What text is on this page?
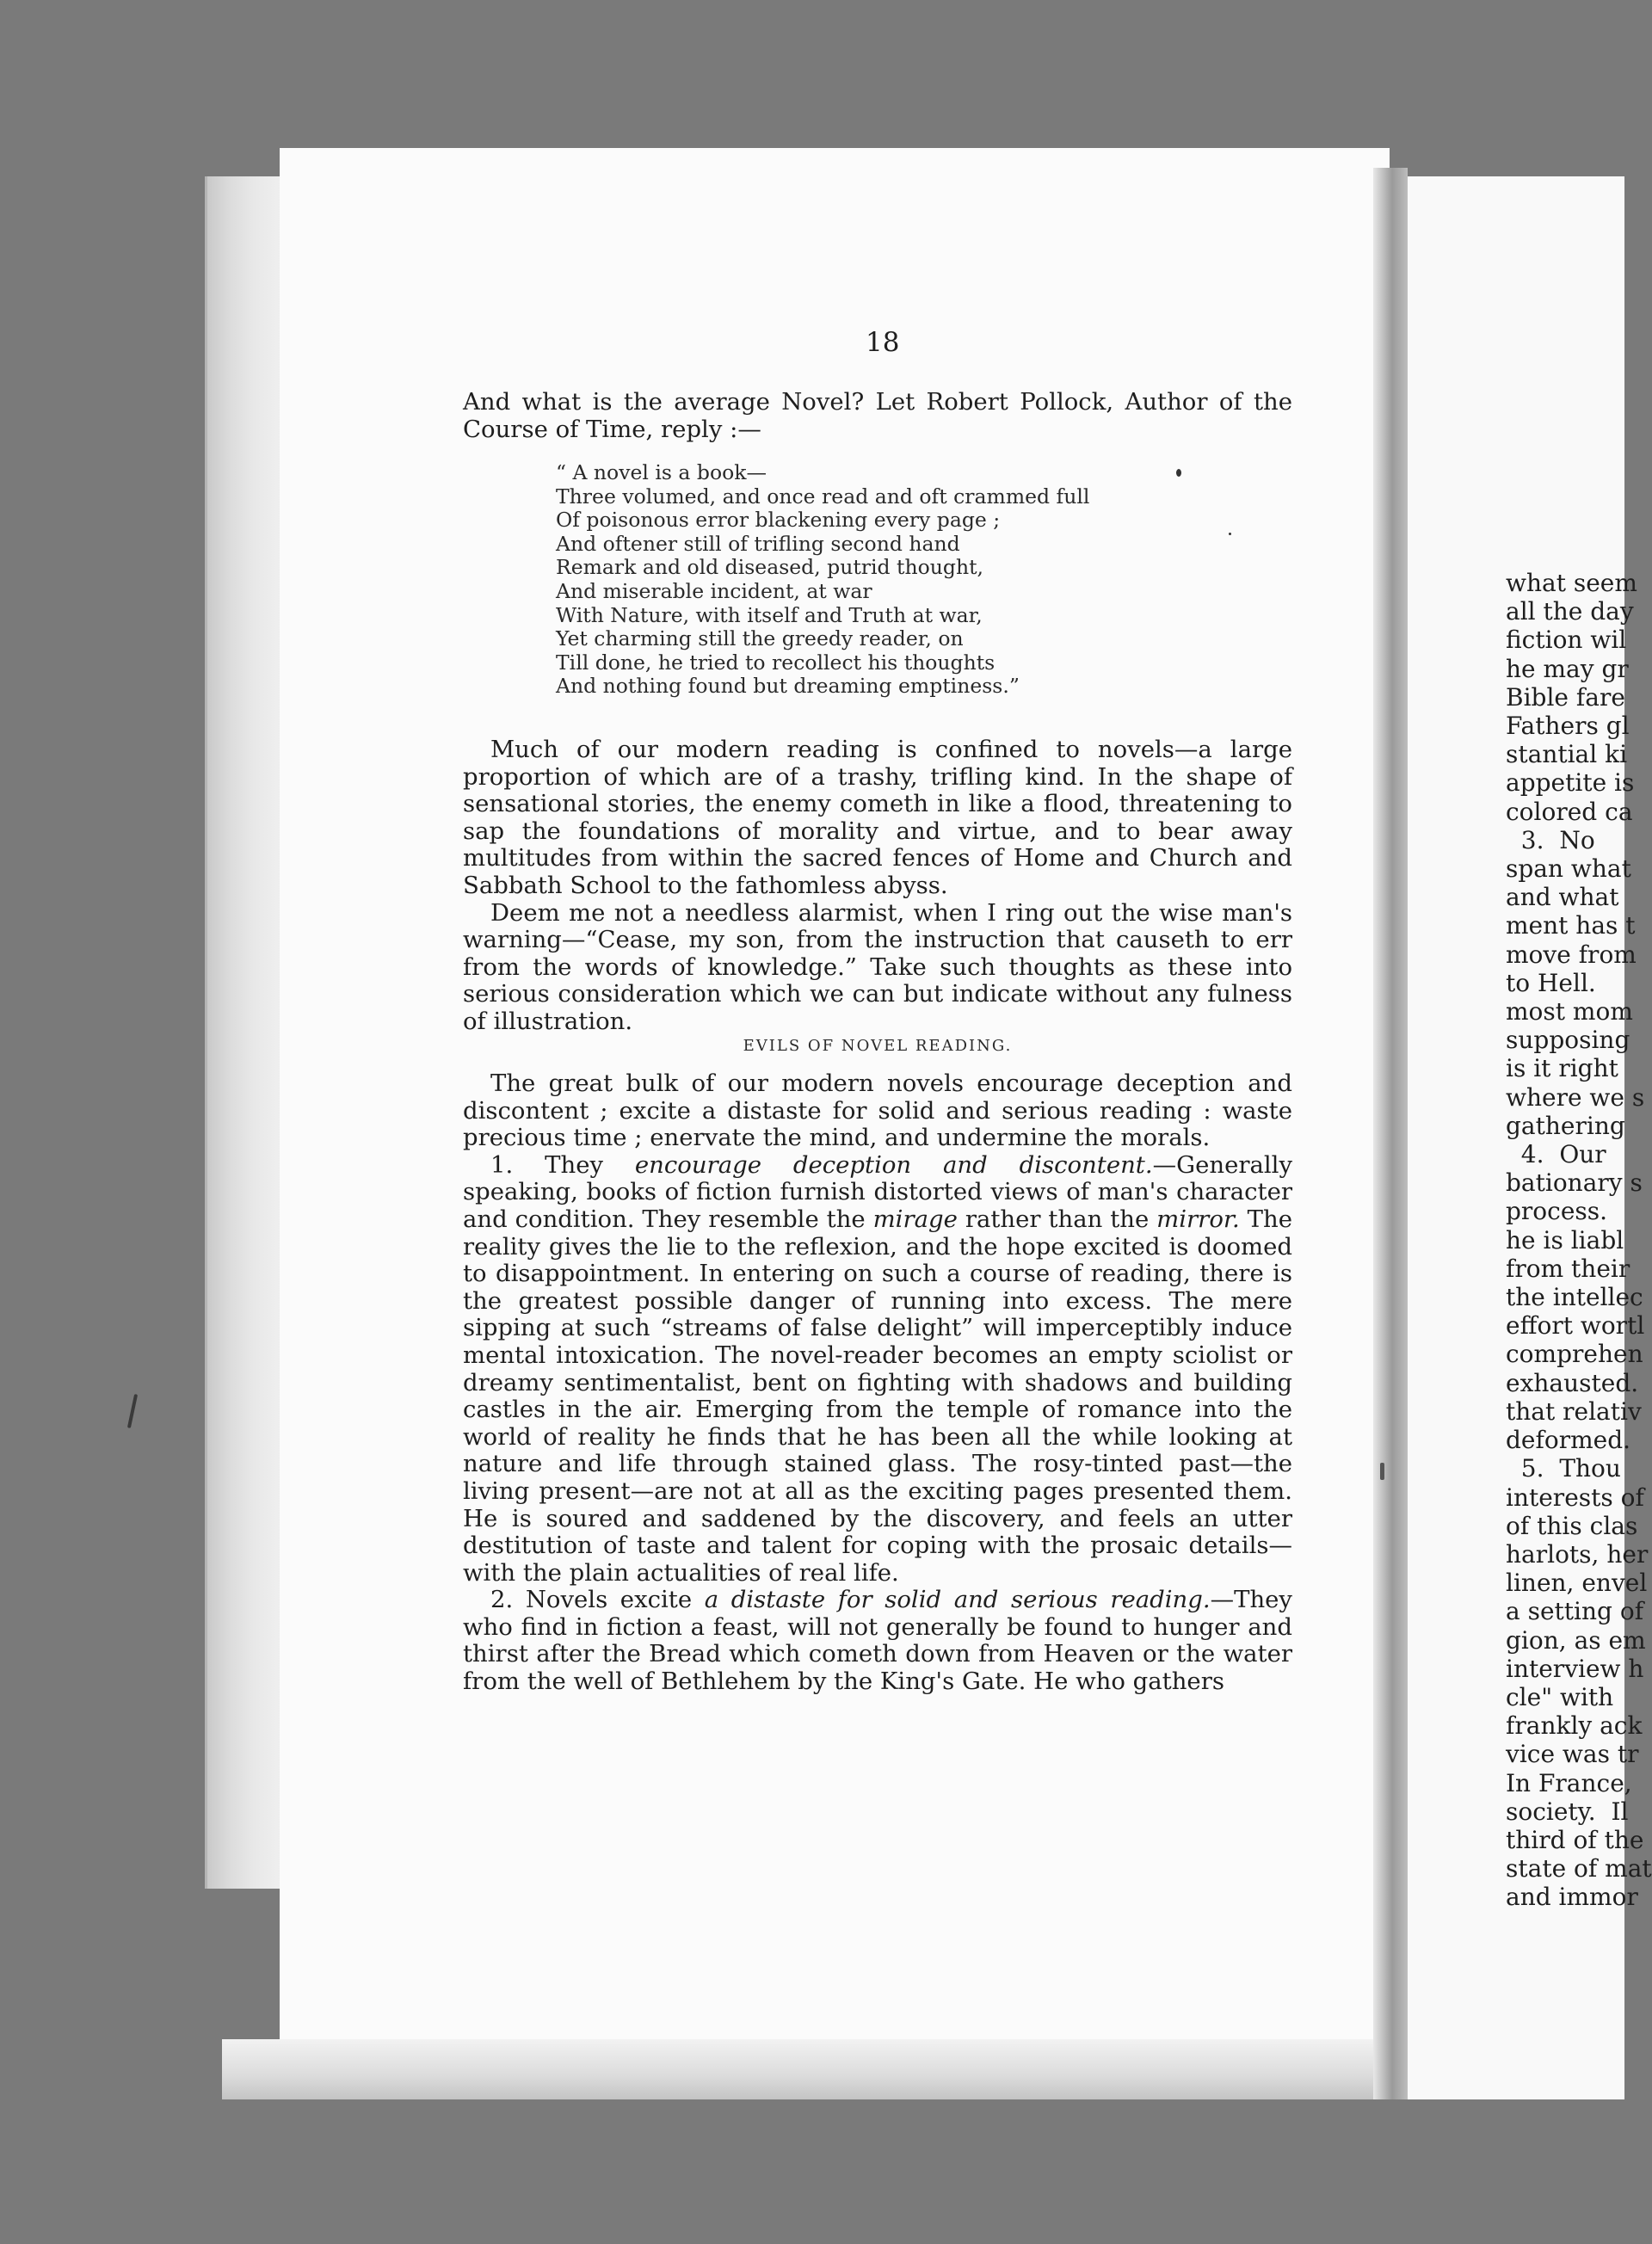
what seem
all the day
fiction wil
he may gr
Bible fare
Fathers gl
stantial ki
appetite is
colored ca
3.  No
span what
and what
ment has t
move from
to Hell.
most mom
supposing
is it right
where we s
gathering
4.  Our
bationary s
process.
he is liabl
from their
the intellec
effort wortl
comprehen
exhausted.
that relativ
deformed.
5.  Thou
interests of
of this clas
harlots, her
linen, envel
a setting of
gion, as em
interview h
cle" with
frankly ack
vice was tr
In France,
society.  Il
third of the
state of mat
and immor
18

And what is the average Novel? Let Robert Pollock, Author of the Course of Time, reply :—

“ A novel is a book—
Three volumed, and once read and oft crammed full
Of poisonous error blackening every page ;
And oftener still of trifling second hand
Remark and old diseased, putrid thought,
And miserable incident, at war
With Nature, with itself and Truth at war,
Yet charming still the greedy reader, on
Till done, he tried to recollect his thoughts
And nothing found but dreaming emptiness.”

Much of our modern reading is confined to novels—a large proportion of which are of a trashy, trifling kind. In the shape of sensational stories, the enemy cometh in like a flood, threatening to sap the foundations of morality and virtue, and to bear away multitudes from within the sacred fences of Home and Church and Sabbath School to the fathomless abyss.

Deem me not a needless alarmist, when I ring out the wise man's warning—“Cease, my son, from the instruction that causeth to err from the words of knowledge.” Take such thoughts as these into serious consideration which we can but indicate without any fulness of illustration.

EVILS OF NOVEL READING.

The great bulk of our modern novels encourage deception and discontent ; excite a distaste for solid and serious reading : waste precious time ; enervate the mind, and undermine the morals.

1. They encourage deception and discontent.—Generally speaking, books of fiction furnish distorted views of man's character and condition. They resemble the mirage rather than the mirror. The reality gives the lie to the reflexion, and the hope excited is doomed to disappointment. In entering on such a course of reading, there is the greatest possible danger of running into excess. The mere sipping at such “streams of false delight” will imperceptibly induce mental intoxication. The novel-reader becomes an empty sciolist or dreamy sentimentalist, bent on fighting with shadows and building castles in the air. Emerging from the temple of romance into the world of reality he finds that he has been all the while looking at nature and life through stained glass. The rosy-tinted past—the living present—are not at all as the exciting pages presented them. He is soured and saddened by the discovery, and feels an utter destitution of taste and talent for coping with the prosaic details—with the plain actualities of real life.

2. Novels excite a distaste for solid and serious reading.—They who find in fiction a feast, will not generally be found to hunger and thirst after the Bread which cometh down from Heaven or the water from the well of Bethlehem by the King's Gate. He who gathers
